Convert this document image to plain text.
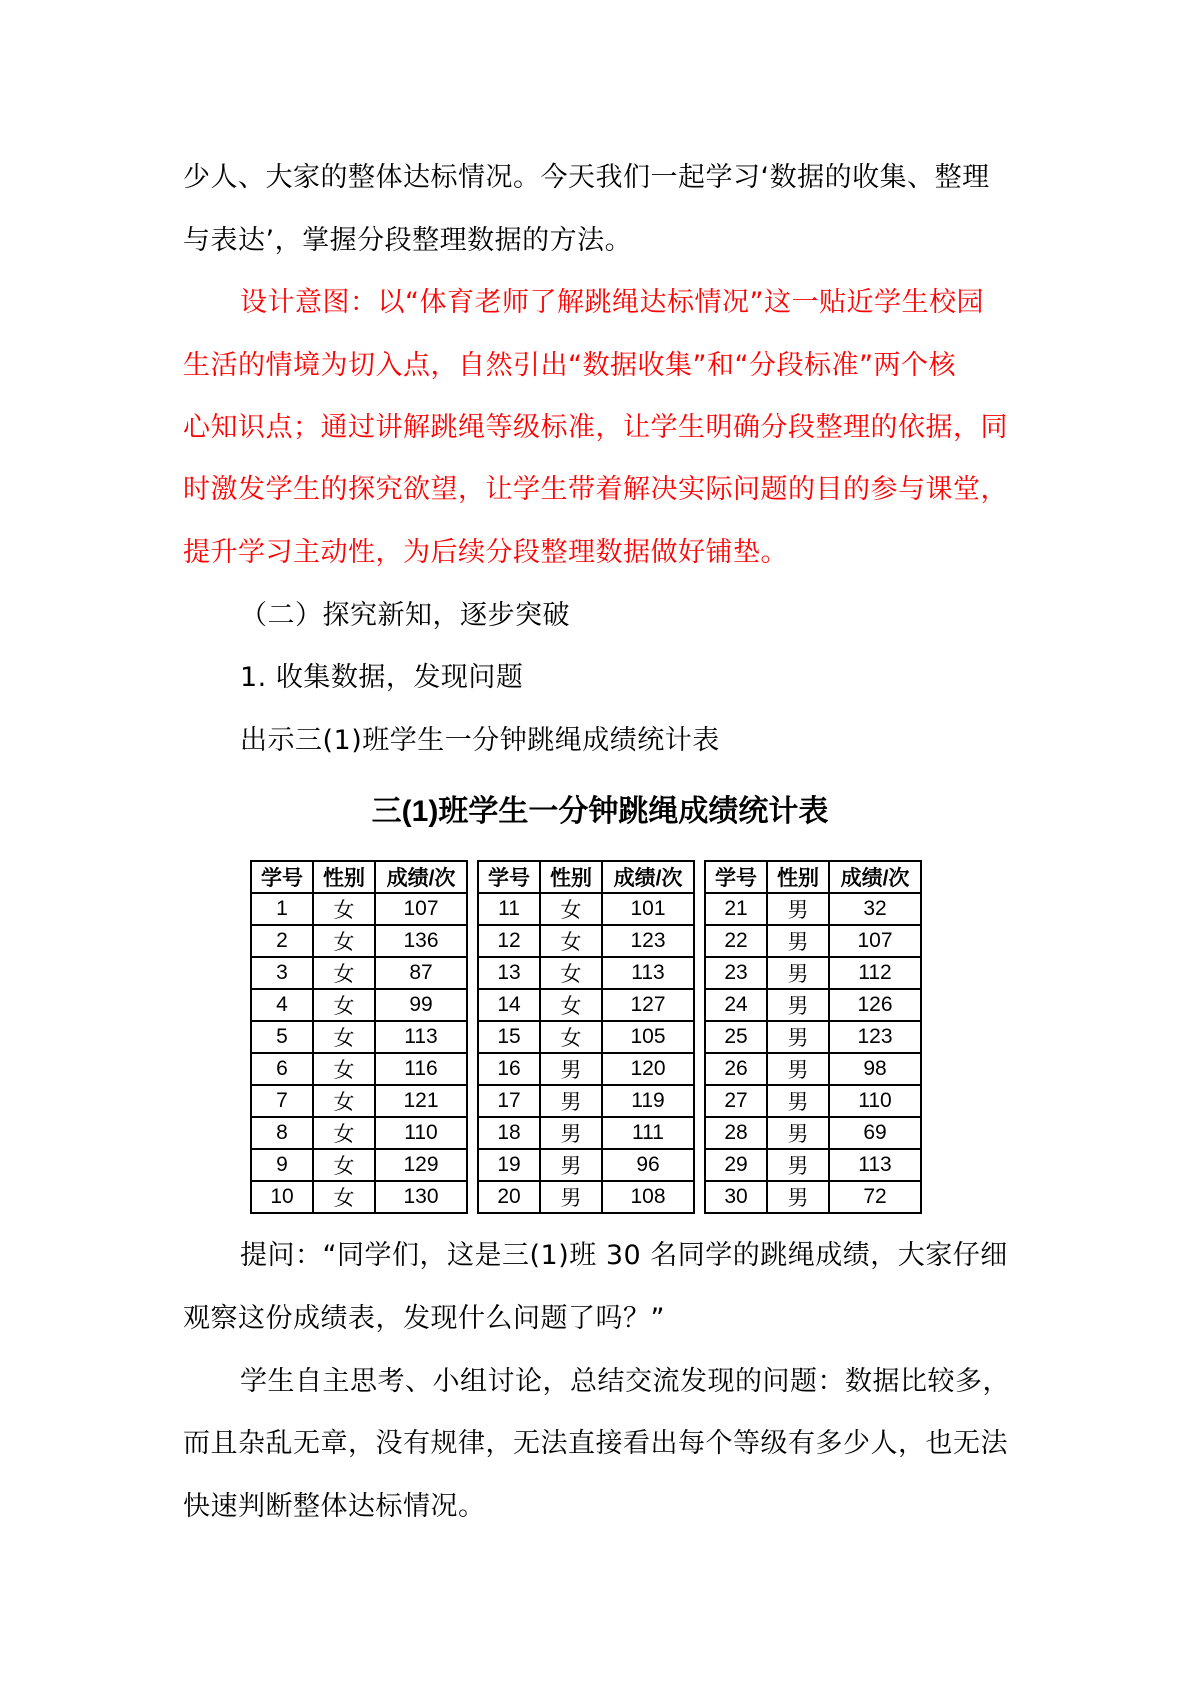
少人、大家的整体达标情况。今天我们一起学习‘数据的收集、整理
与表达’，掌握分段整理数据的方法。
设计意图：以“体育老师了解跳绳达标情况”这一贴近学生校园
生活的情境为切入点，自然引出“数据收集”和“分段标准”两个核
心知识点；通过讲解跳绳等级标准，让学生明确分段整理的依据，同
时激发学生的探究欲望，让学生带着解决实际问题的目的参与课堂，
提升学习主动性，为后续分段整理数据做好铺垫。
（二）探究新知，逐步突破
1. 收集数据，发现问题
出示三(1)班学生一分钟跳绳成绩统计表
三(1)班学生一分钟跳绳成绩统计表
学号	性别	成绩/次
1	女	107
2	女	136
3	女	87
4	女	99
5	女	113
6	女	116
7	女	121
8	女	110
9	女	129
10	女	130
学号	性别	成绩/次
11	女	101
12	女	123
13	女	113
14	女	127
15	女	105
16	男	120
17	男	119
18	男	111
19	男	96
20	男	108
学号	性别	成绩/次
21	男	32
22	男	107
23	男	112
24	男	126
25	男	123
26	男	98
27	男	110
28	男	69
29	男	113
30	男	72
提问：“同学们，这是三(1)班 30 名同学的跳绳成绩，大家仔细
观察这份成绩表，发现什么问题了吗？”
学生自主思考、小组讨论，总结交流发现的问题：数据比较多，
而且杂乱无章，没有规律，无法直接看出每个等级有多少人，也无法
快速判断整体达标情况。
